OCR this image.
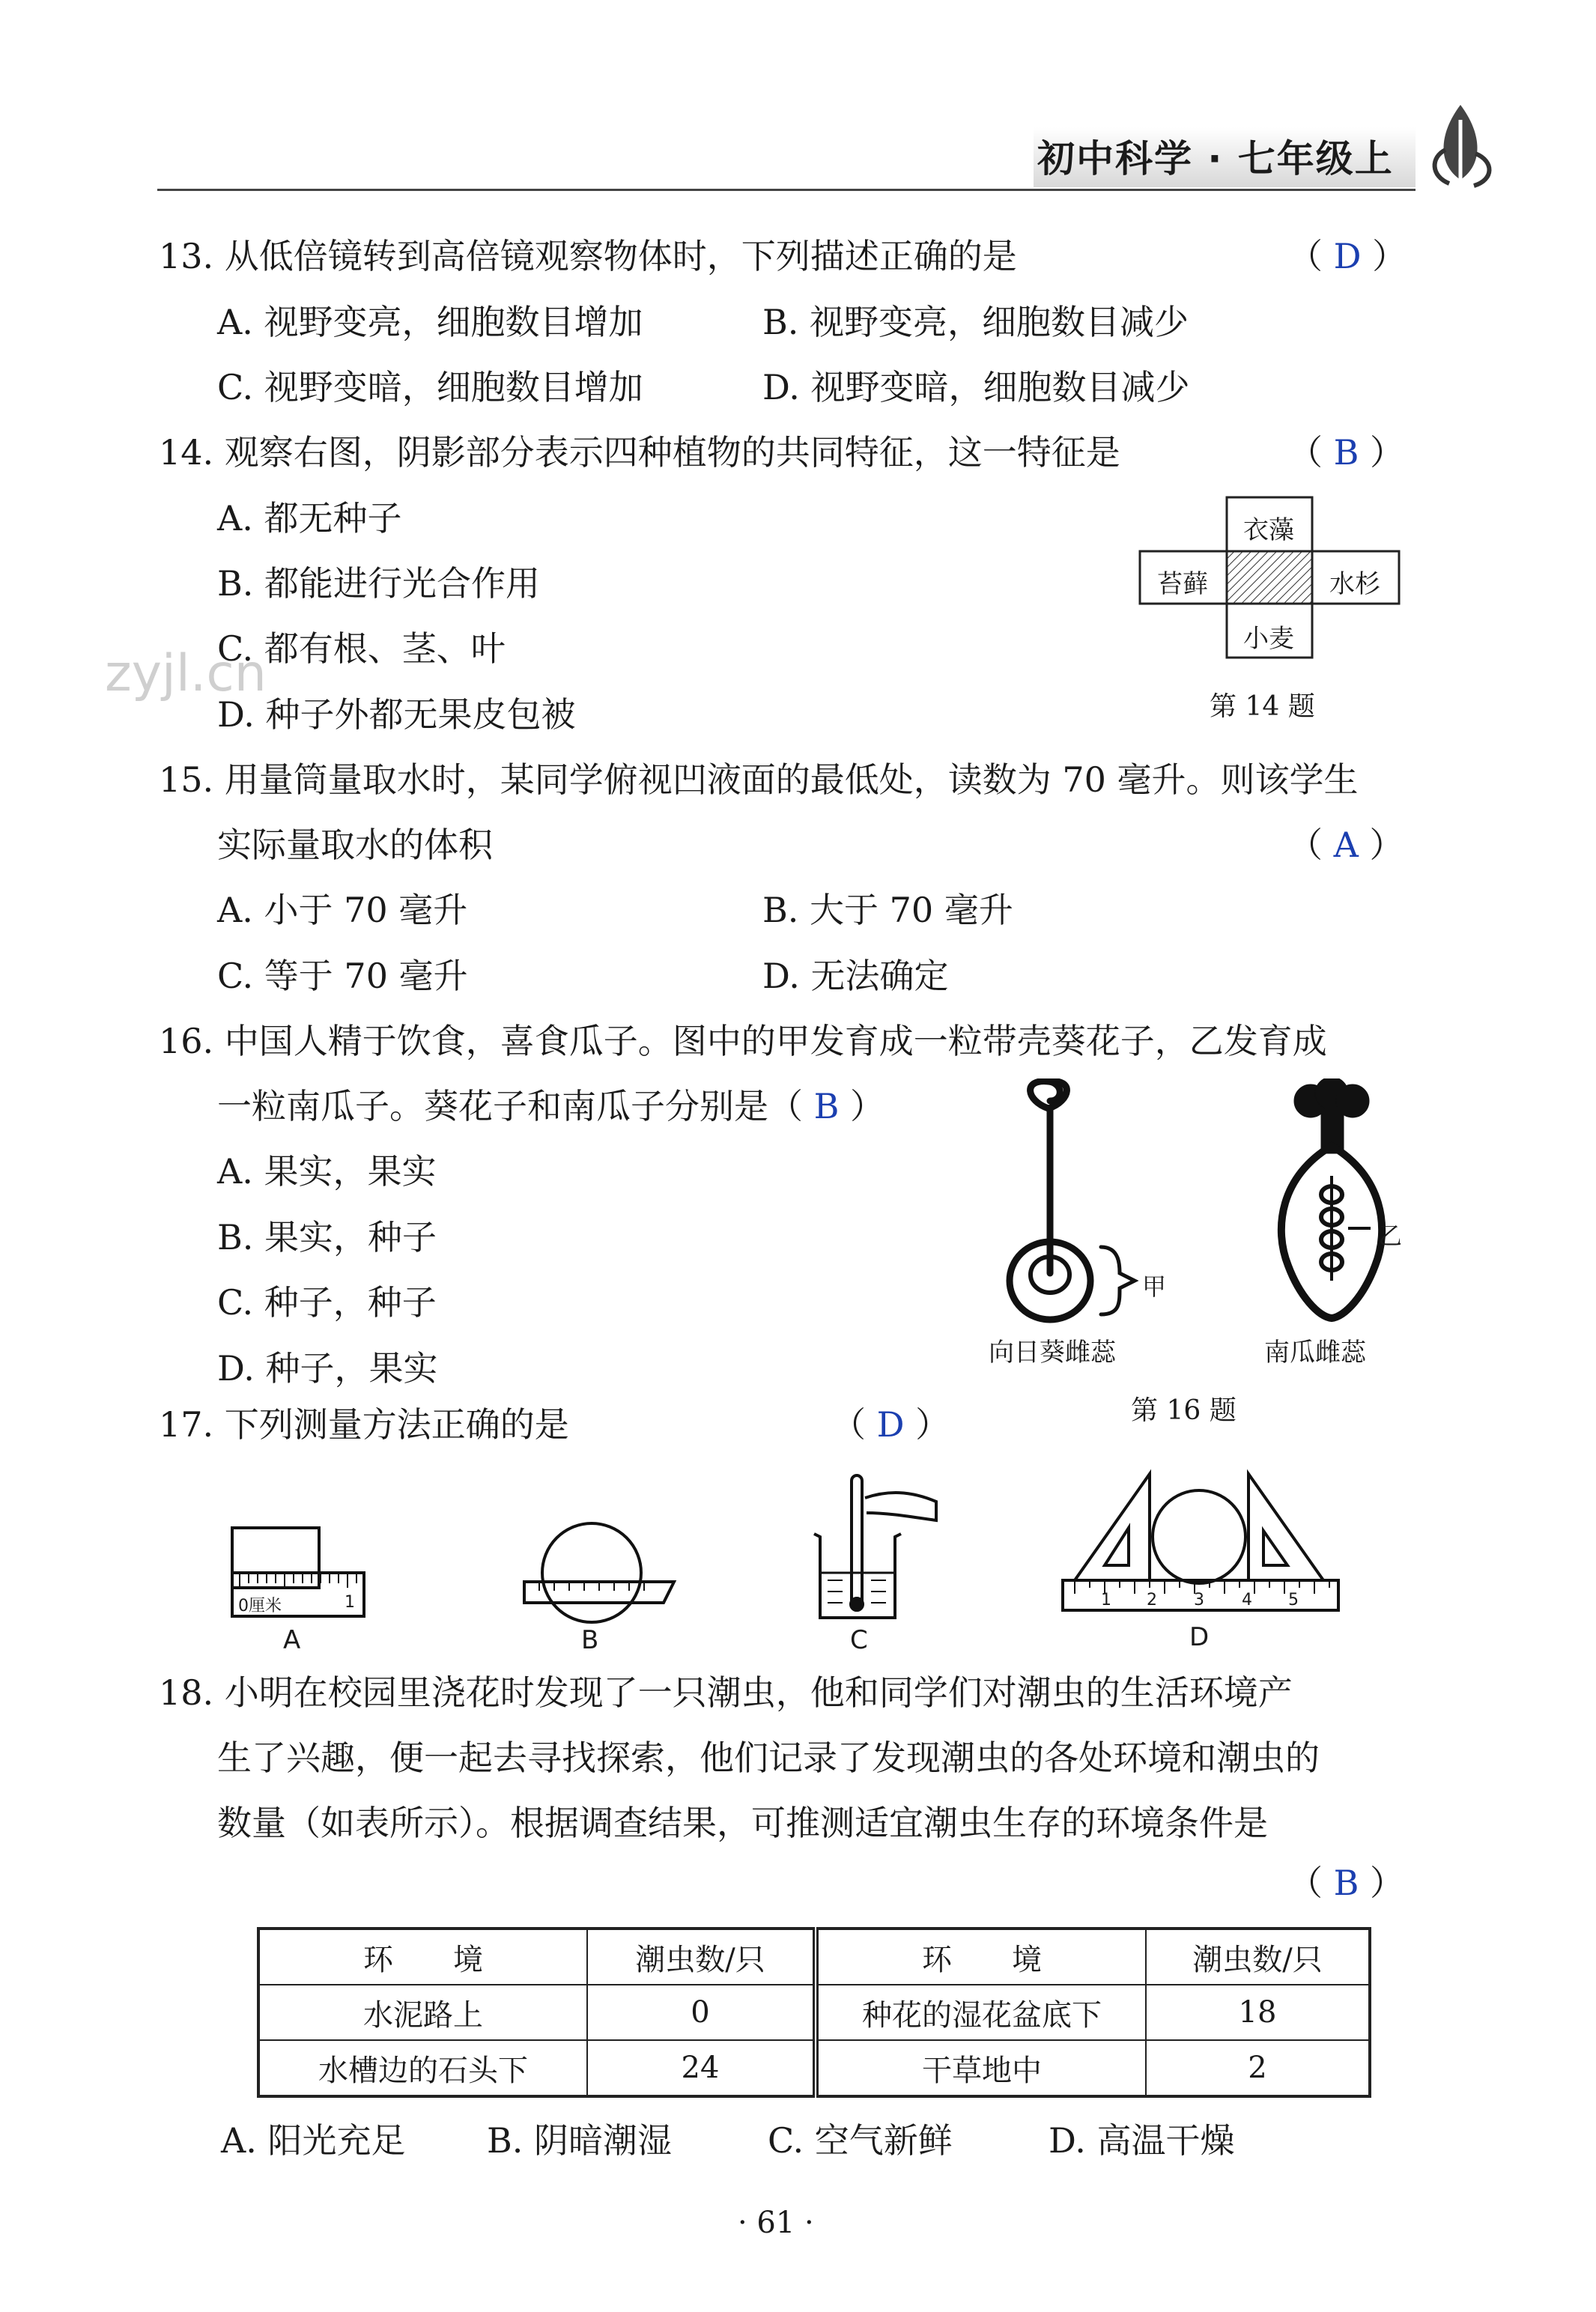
初中科学 · 七年级上
13. 从低倍镜转到高倍镜观察物体时，下列描述正确的是	（ D ）
A. 视野变亮，细胞数目增加	B. 视野变亮，细胞数目减少
C. 视野变暗，细胞数目增加	D. 视野变暗，细胞数目减少
14. 观察右图，阴影部分表示四种植物的共同特征，这一特征是	（ B ）
A. 都无种子
B. 都能进行光合作用
C. 都有根、茎、叶
D. 种子外都无果皮包被
zyjl.cn
衣藻
苔藓	水杉
小麦
第 14 题
15. 用量筒量取水时，某同学俯视凹液面的最低处，读数为 70 毫升。则该学生
实际量取水的体积	（ A ）
A. 小于 70 毫升	B. 大于 70 毫升
C. 等于 70 毫升	D. 无法确定
16. 中国人精于饮食，喜食瓜子。图中的甲发育成一粒带壳葵花子，乙发育成
一粒南瓜子。葵花子和南瓜子分别是（ B ）
A. 果实，果实
B. 果实，种子
C. 种子，种子
D. 种子，果实
甲
向日葵雌蕊
乙
南瓜雌蕊
第 16 题
17. 下列测量方法正确的是	（ D ）
0厘米	1
A	B	C
1 2 3 4 5
D
18. 小明在校园里浇花时发现了一只潮虫，他和同学们对潮虫的生活环境产
生了兴趣，便一起去寻找探索，他们记录了发现潮虫的各处环境和潮虫的
数量（如表所示）。根据调查结果，可推测适宜潮虫生存的环境条件是
（ B ）
环　　境	潮虫数/只	环　　境	潮虫数/只
水泥路上	0	种花的湿花盆底下	18
水槽边的石头下	24	干草地中	2
A. 阳光充足 B. 阴暗潮湿	C. 空气新鲜	D. 高温干燥
· 61 ·
